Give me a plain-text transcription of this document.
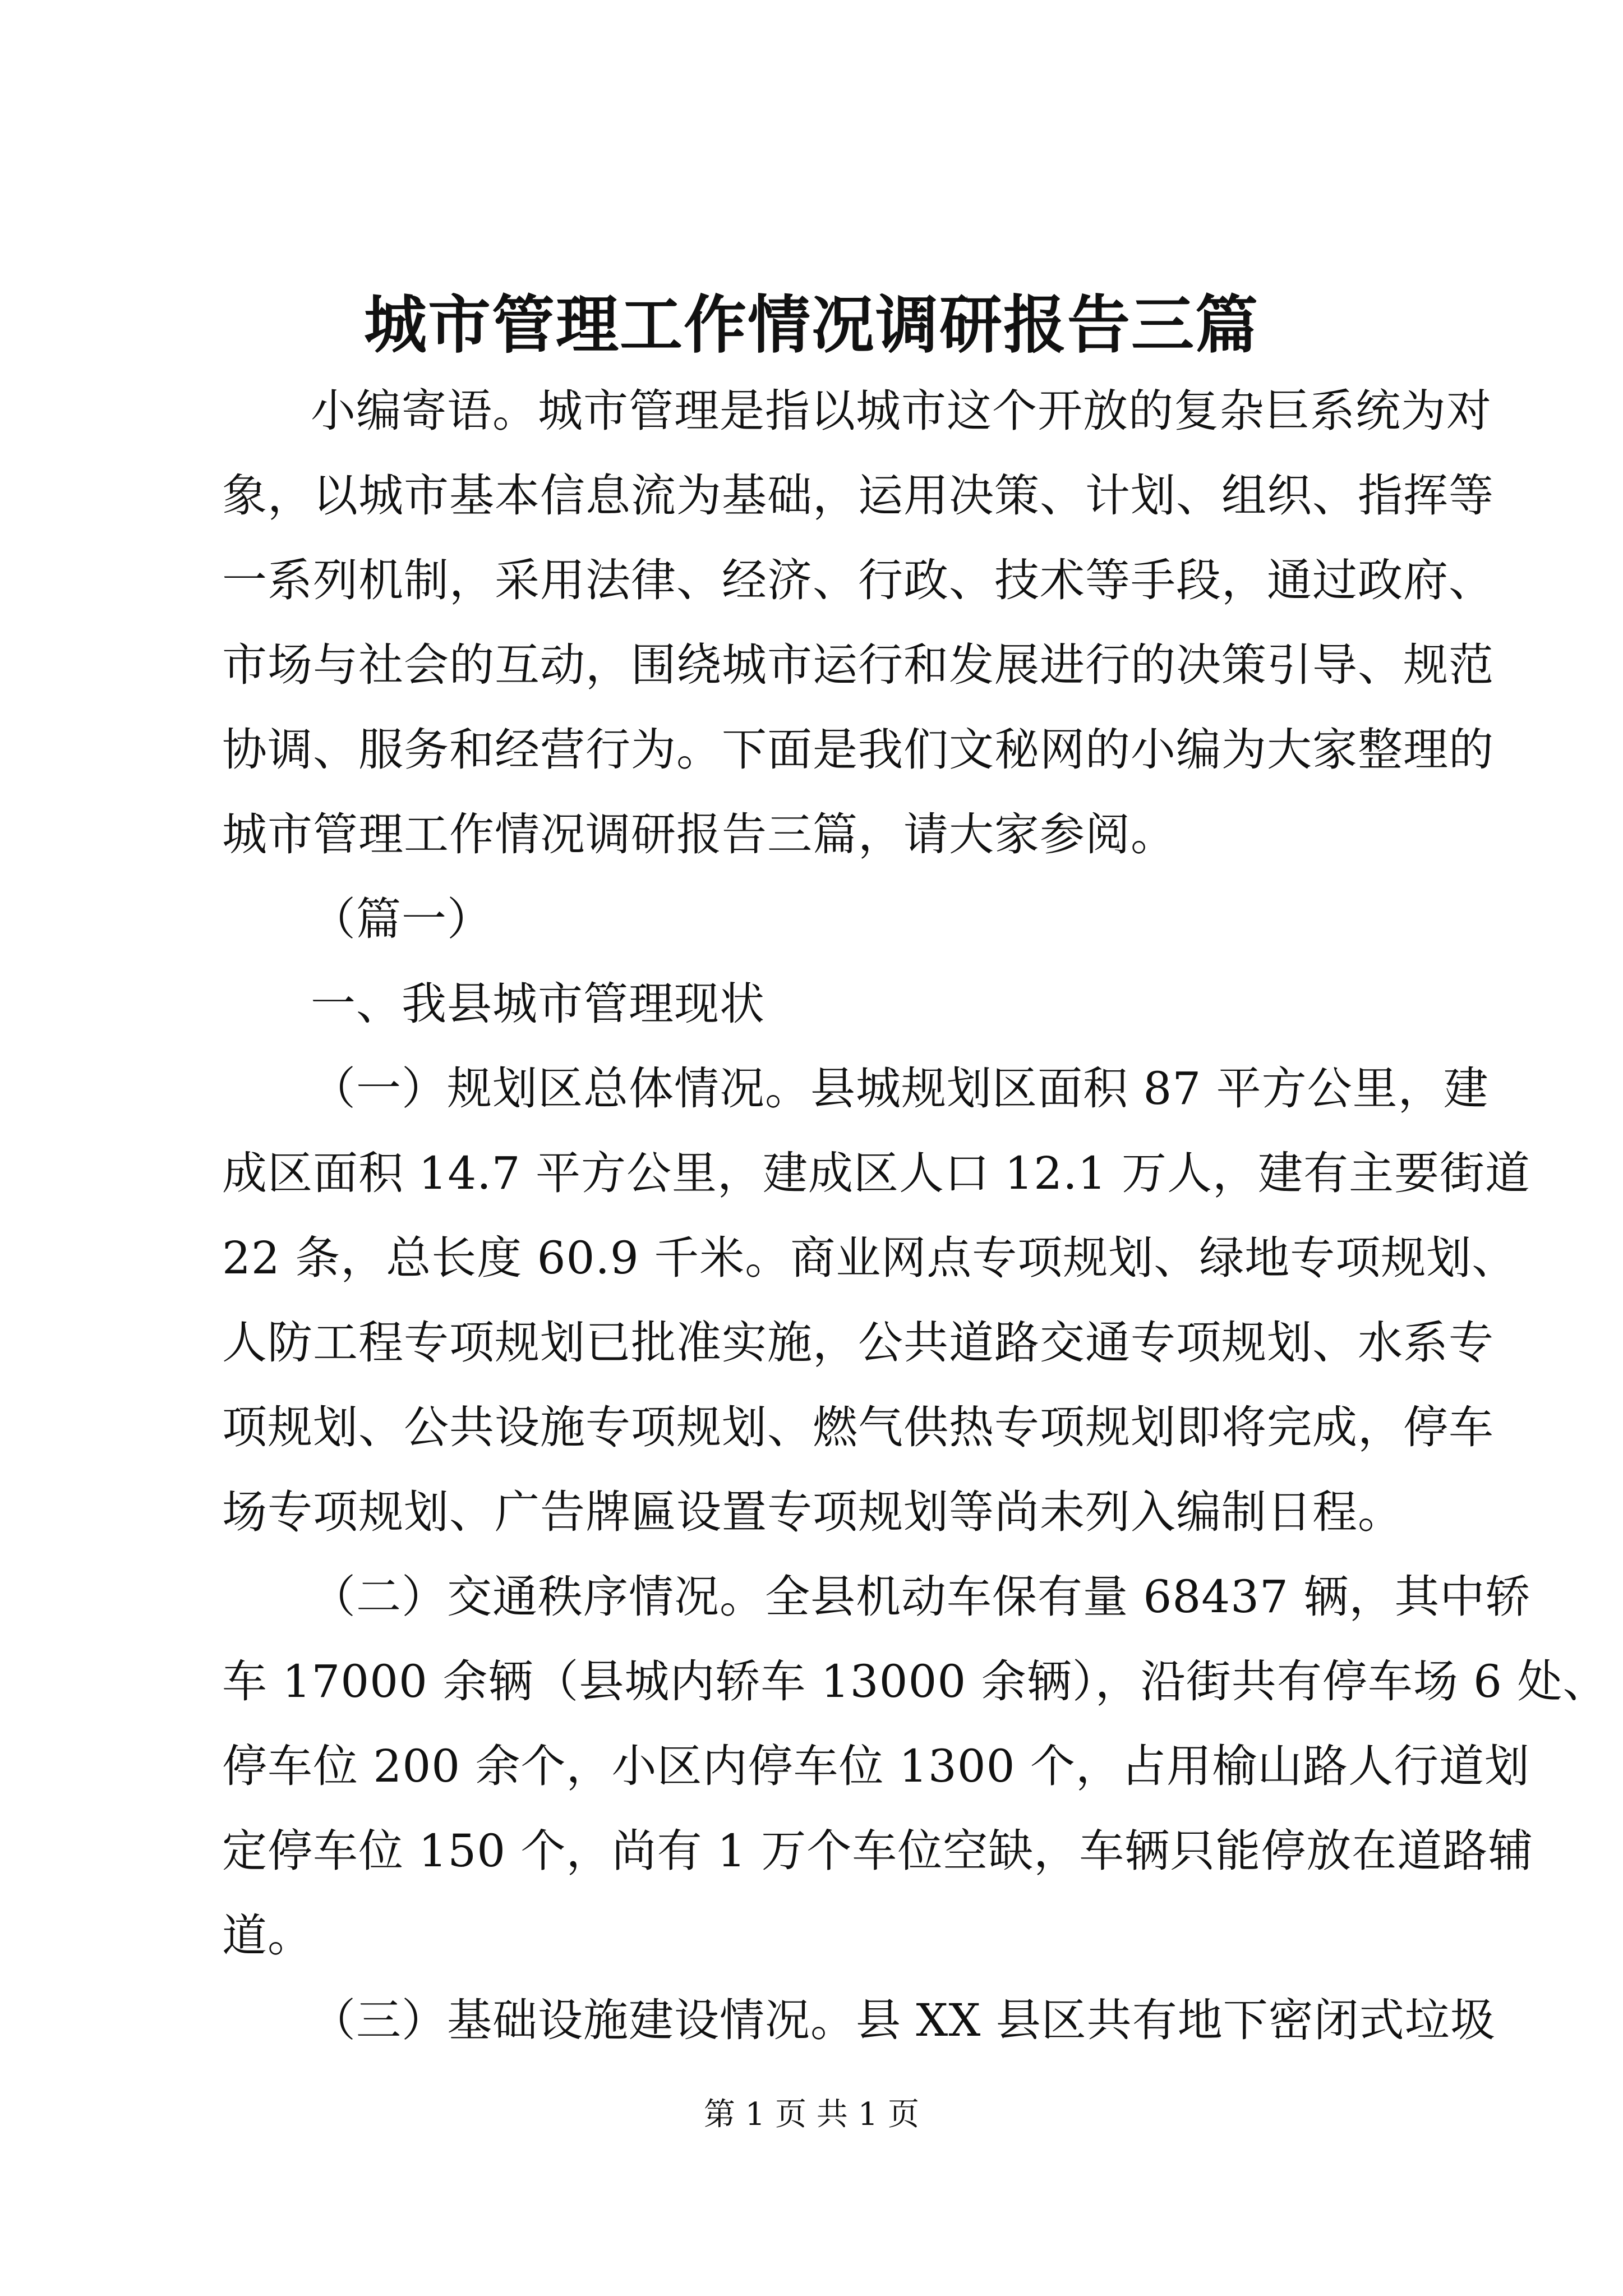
城市管理工作情况调研报告三篇
小编寄语。城市管理是指以城市这个开放的复杂巨系统为对
象，以城市基本信息流为基础，运用决策、计划、组织、指挥等
一系列机制，采用法律、经济、行政、技术等手段，通过政府、
市场与社会的互动，围绕城市运行和发展进行的决策引导、规范
协调、服务和经营行为。下面是我们文秘网的小编为大家整理的
城市管理工作情况调研报告三篇，请大家参阅。
（篇一）
一、我县城市管理现状
（一）规划区总体情况。县城规划区面积 87 平方公里，建
成区面积 14.7 平方公里，建成区人口 12.1 万人，建有主要街道
22 条，总长度 60.9 千米。商业网点专项规划、绿地专项规划、
人防工程专项规划已批准实施，公共道路交通专项规划、水系专
项规划、公共设施专项规划、燃气供热专项规划即将完成，停车
场专项规划、广告牌匾设置专项规划等尚未列入编制日程。
（二）交通秩序情况。全县机动车保有量 68437 辆，其中轿
车 17000 余辆（县城内轿车 13000 余辆），沿街共有停车场 6 处、
停车位 200 余个，小区内停车位 1300 个，占用榆山路人行道划
定停车位 150 个，尚有 1 万个车位空缺，车辆只能停放在道路辅
道。
（三）基础设施建设情况。县 XX 县区共有地下密闭式垃圾
第 1 页 共 1 页
